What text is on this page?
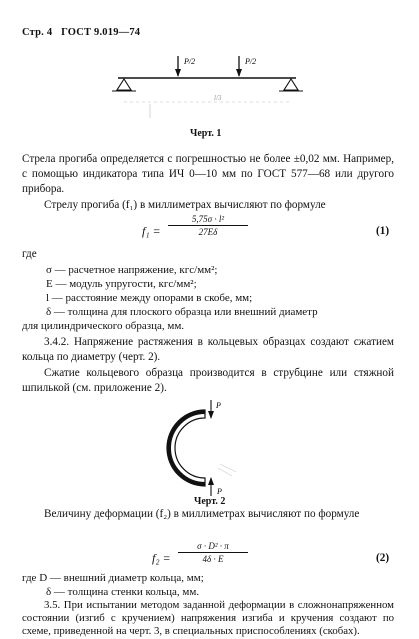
Стр. 4 ГОСТ 9.019—74
P/2	P/2
l/3
Черт. 1
Стрела прогиба определяется с погрешностью не более ±0,02 мм. Например, с помощью индикатора типа ИЧ 0—10 мм по ГОСТ 577—68 или другого прибора.
Стрелу прогиба (f₁) в миллиметрах вычисляют по формуле
$f_1 = \frac{\text{5,75σ · l²}}{27E\delta}$	(1)
где
σ — расчетное напряжение, кгс/мм²;
E — модуль упругости, кгс/мм²;
l — расстояние между опорами в скобе, мм;
δ — толщина для плоского образца или внешний диаметр
для цилиндрического образца, мм.
3.4.2. Напряжение растяжения в кольцевых образцах создают сжатием кольца по диаметру (черт. 2).
Сжатие кольцевого образца производится в струбцине или стяжной шпилькой (см. приложение 2).
P
P
Черт. 2
Величину деформации (f₂) в миллиметрах вычисляют по формуле
$f_2 = \frac{\text{σ · D² · π}}{4\delta \cdot E}$	(2)
где D — внешний диаметр кольца, мм;
δ — толщина стенки кольца, мм.
3.5. При испытании методом заданной деформации в сложнонапряженном состоянии (изгиб с кручением) напряжения изгиба и кручения создают по схеме, приведенной на черт. 3, в специальных приспособлениях (скобах).
